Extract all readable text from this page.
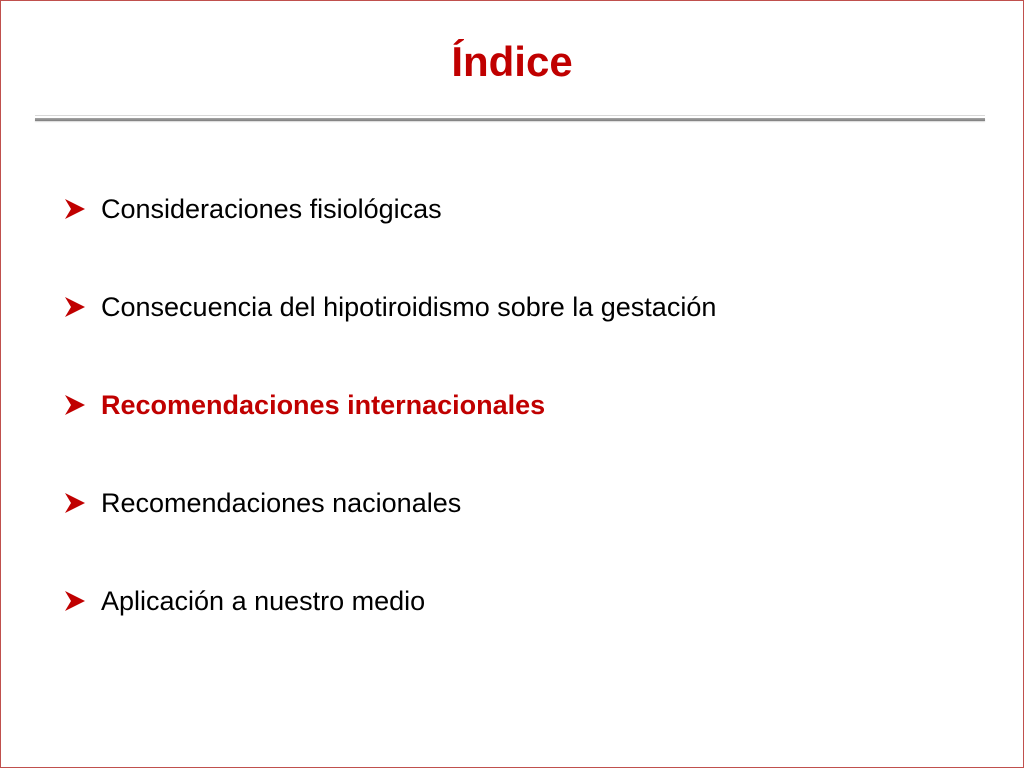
Índice
Consideraciones fisiológicas
Consecuencia del hipotiroidismo sobre la gestación
Recomendaciones internacionales
Recomendaciones nacionales
Aplicación a nuestro medio
